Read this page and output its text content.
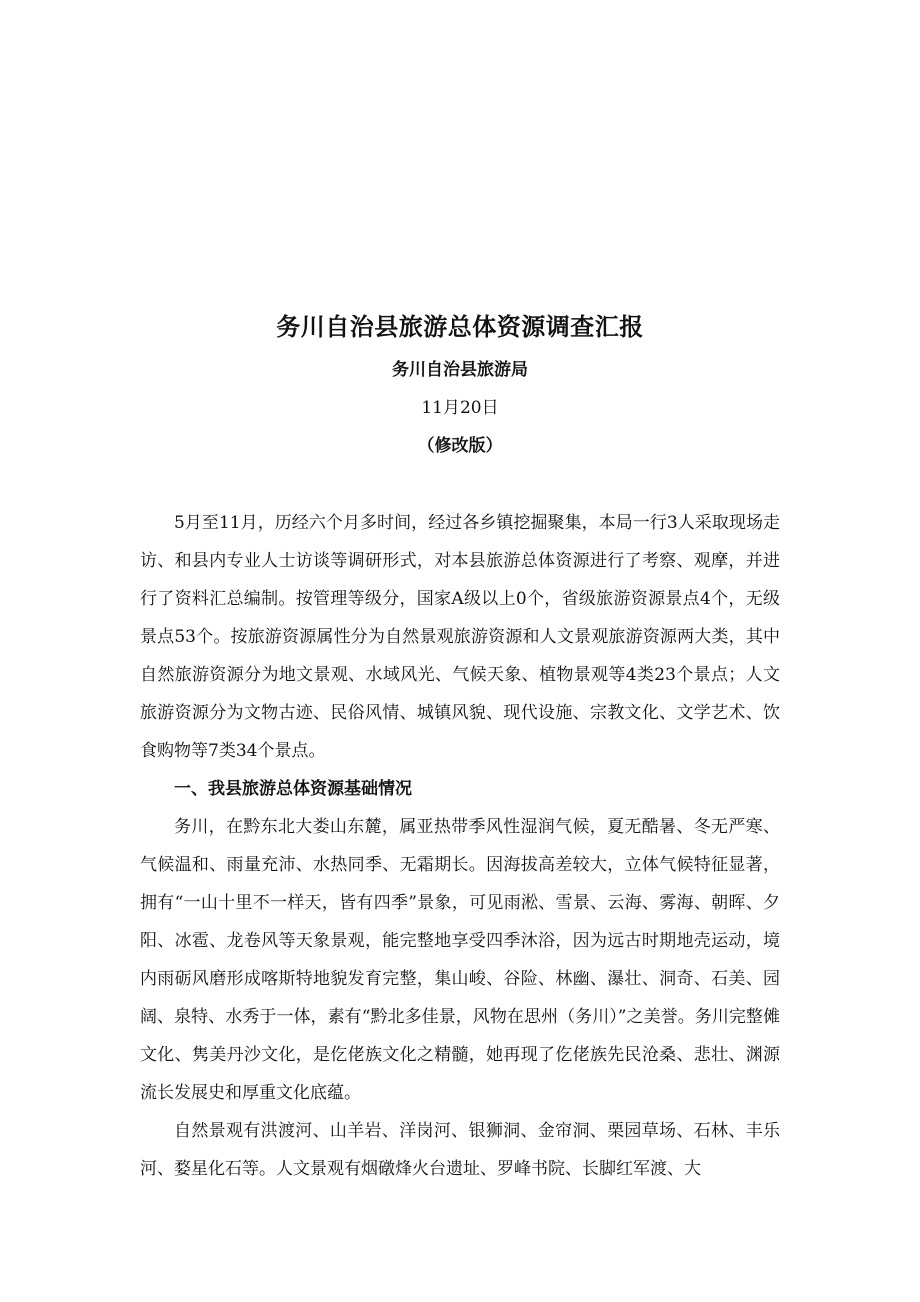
务川自治县旅游总体资源调查汇报
务川自治县旅游局
11月20日
（修改版）

5月至11月，历经六个月多时间，经过各乡镇挖掘聚集，本局一行3人采取现场走访、和县内专业人士访谈等调研形式，对本县旅游总体资源进行了考察、观摩，并进行了资料汇总编制。按管理等级分，国家A级以上0个，省级旅游资源景点4个，无级景点53个。按旅游资源属性分为自然景观旅游资源和人文景观旅游资源两大类，其中自然旅游资源分为地文景观、水域风光、气候天象、植物景观等4类23个景点；人文旅游资源分为文物古迹、民俗风情、城镇风貌、现代设施、宗教文化、文学艺术、饮食购物等7类34个景点。

一、我县旅游总体资源基础情况

务川，在黔东北大娄山东麓，属亚热带季风性湿润气候，夏无酷暑、冬无严寒、气候温和、雨量充沛、水热同季、无霜期长。因海拔高差较大，立体气候特征显著，拥有“一山十里不一样天，皆有四季”景象，可见雨淞、雪景、云海、雾海、朝晖、夕阳、冰雹、龙卷风等天象景观，能完整地享受四季沐浴，因为远古时期地壳运动，境内雨砺风磨形成喀斯特地貌发育完整，集山峻、谷险、林幽、瀑壮、洞奇、石美、园阔、泉特、水秀于一体，素有“黔北多佳景，风物在思州（务川）”之美誉。务川完整傩文化、隽美丹沙文化，是仡佬族文化之精髓，她再现了仡佬族先民沧桑、悲壮、渊源流长发展史和厚重文化底蕴。

自然景观有洪渡河、山羊岩、洋岗河、银狮洞、金帘洞、栗园草场、石林、丰乐河、婺星化石等。人文景观有烟礅烽火台遗址、罗峰书院、长脚红军渡、大
